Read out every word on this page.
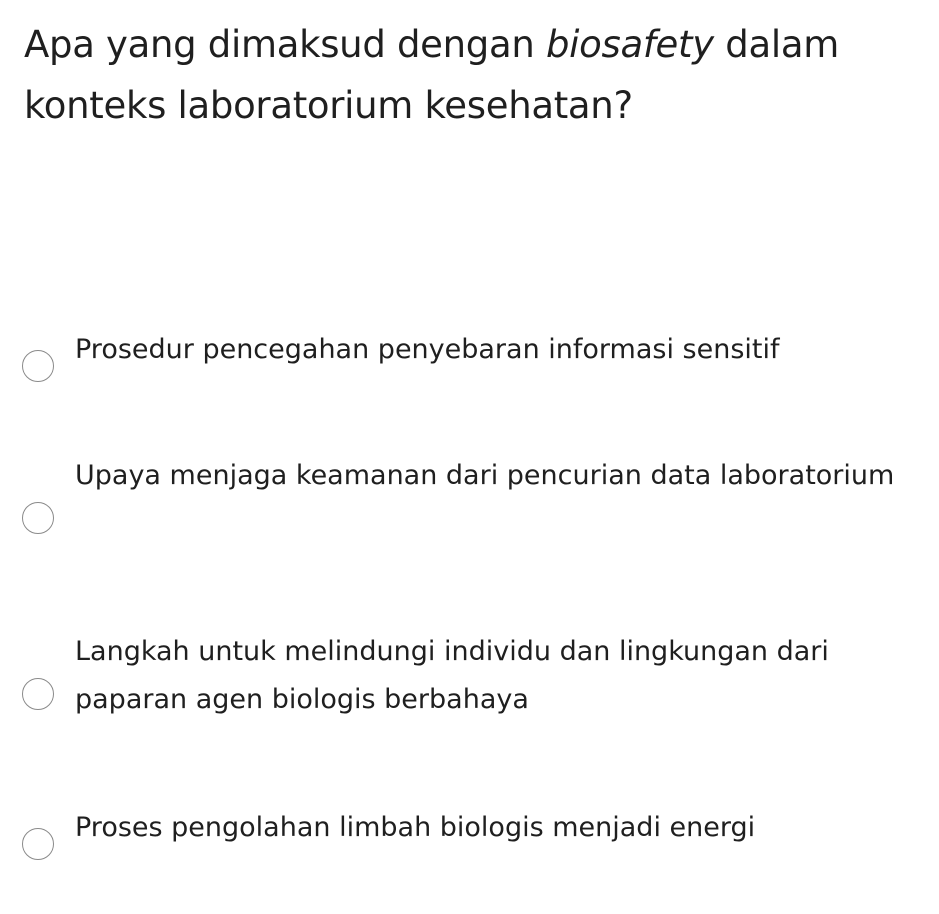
Apa yang dimaksud dengan biosafety dalam konteks laboratorium kesehatan?
Prosedur pencegahan penyebaran informasi sensitif
Upaya menjaga keamanan dari pencurian data laboratorium
Langkah untuk melindungi individu dan lingkungan dari paparan agen biologis berbahaya
Proses pengolahan limbah biologis menjadi energi
